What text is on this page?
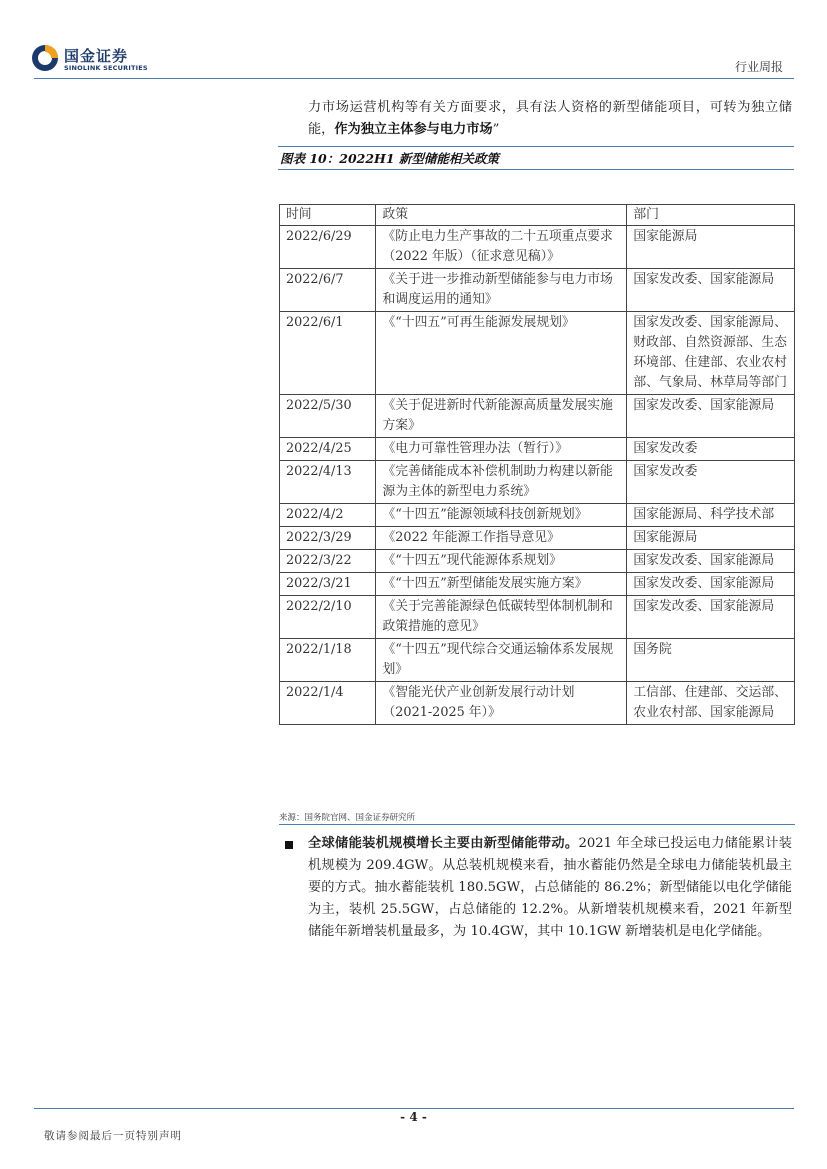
国金证券
SINOLINK SECURITIES	行业周报
力市场运营机构等有关方面要求，具有法人资格的新型储能项目，可转为独立储能，作为独立主体参与电力市场”
图表 10：2022H1 新型储能相关政策
时间	政策	部门
2022/6/29	《防止电力生产事故的二十五项重点要求（2022 年版）（征求意见稿）》	国家能源局
2022/6/7	《关于进一步推动新型储能参与电力市场和调度运用的通知》	国家发改委、国家能源局
2022/6/1	《“十四五”可再生能源发展规划》	国家发改委、国家能源局、财政部、自然资源部、生态环境部、住建部、农业农村部、气象局、林草局等部门
2022/5/30	《关于促进新时代新能源高质量发展实施方案》	国家发改委、国家能源局
2022/4/25	《电力可靠性管理办法（暂行）》	国家发改委
2022/4/13	《完善储能成本补偿机制助力构建以新能源为主体的新型电力系统》	国家发改委
2022/4/2	《“十四五”能源领域科技创新规划》	国家能源局、科学技术部
2022/3/29	《2022 年能源工作指导意见》	国家能源局
2022/3/22	《“十四五”现代能源体系规划》	国家发改委、国家能源局
2022/3/21	《“十四五”新型储能发展实施方案》	国家发改委、国家能源局
2022/2/10	《关于完善能源绿色低碳转型体制机制和政策措施的意见》	国家发改委、国家能源局
2022/1/18	《“十四五”现代综合交通运输体系发展规划》	国务院
2022/1/4	《智能光伏产业创新发展行动计划（2021-2025 年）》	工信部、住建部、交运部、农业农村部、国家能源局
来源：国务院官网、国金证券研究所
全球储能装机规模增长主要由新型储能带动。2021 年全球已投运电力储能累计装机规模为 209.4GW。从总装机规模来看，抽水蓄能仍然是全球电力储能装机最主要的方式。抽水蓄能装机 180.5GW，占总储能的 86.2%；新型储能以电化学储能为主，装机 25.5GW，占总储能的 12.2%。从新增装机规模来看，2021 年新型储能年新增装机量最多，为 10.4GW，其中 10.1GW 新增装机是电化学储能。
- 4 -
敬请参阅最后一页特别声明
